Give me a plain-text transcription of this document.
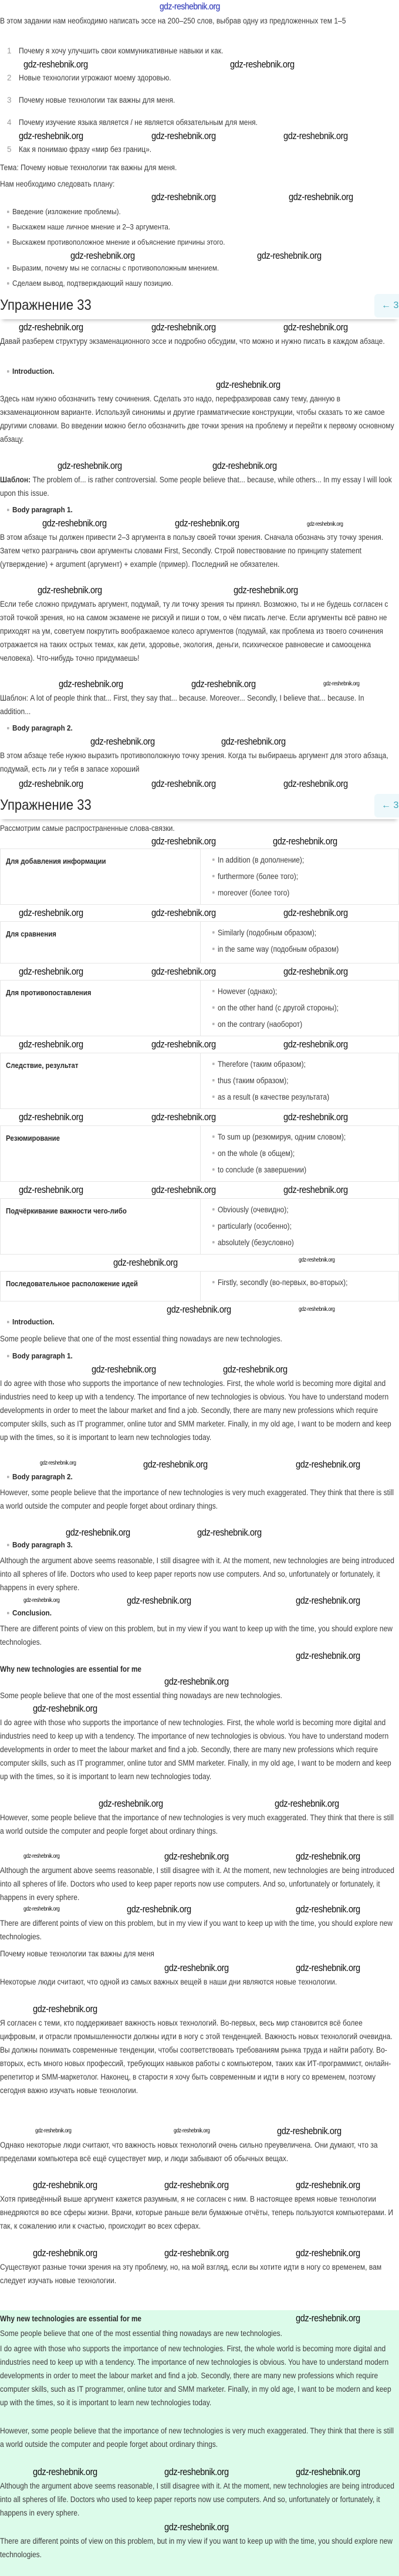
gdz-reshebnik.org
В этом задании нам необходимо написать эссе на 200–250 слов, выбрав одну из предложенных тем 1–5
1 Почему я хочу улучшить свои коммуникативные навыки и как.
gdz-reshebnik.org	gdz-reshebnik.org
2 Новые технологии угрожают моему здоровью.
3 Почему новые технологии так важны для меня.
4 Почему изучение языка является / не является обязательным для меня.
gdz-reshebnik.org	gdz-reshebnik.org	gdz-reshebnik.org
5 Как я понимаю фразу «мир без границ».
Тема: Почему новые технологии так важны для меня.
Нам необходимо следовать плану:
gdz-reshebnik.org	gdz-reshebnik.org
Введение (изложение проблемы).
Выскажем наше личное мнение и 2–3 аргумента.
Выскажем противоположное мнение и объяснение причины этого.
gdz-reshebnik.org	gdz-reshebnik.org
Выразим, почему мы не согласны с противоположным мнением.
Сделаем вывод, подтверждающий нашу позицию.
Упражнение 33	← 3
gdz-reshebnik.org	gdz-reshebnik.org	gdz-reshebnik.org
Давай разберем структуру экзаменационного эссе и подробно обсудим, что можно и нужно писать в каждом абзаце.
Introduction.
gdz-reshebnik.org
Здесь нам нужно обозначить тему сочинения. Сделать это надо, перефразировав саму тему, данную в экзаменационном варианте. Используй синонимы и другие грамматические конструкции, чтобы сказать то же самое другими словами. Во введении можно бегло обозначить две точки зрения на проблему и перейти к первому основному абзацу.
gdz-reshebnik.org	gdz-reshebnik.org
Шаблон: The problem of... is rather controversial. Some people believe that... because, while others... In my essay I will look upon this issue.
Body paragraph 1.
gdz-reshebnik.org	gdz-reshebnik.org	gdz-reshebnik.org
В этом абзаце ты должен привести 2–3 аргумента в пользу своей точки зрения. Сначала обозначь эту точку зрения. Затем четко разграничь свои аргументы словами First, Secondly. Строй повествование по принципу statement (утверждение) + argument (аргумент) + example (пример). Последний не обязателен.
gdz-reshebnik.org	gdz-reshebnik.org
Если тебе сложно придумать аргумент, подумай, ту ли точку зрения ты принял. Возможно, ты и не будешь согласен с этой точкой зрения, но на самом экзамене не рискуй и пиши о том, о чём писать легче. Если аргументы всё равно не приходят на ум, советуем покрутить воображаемое колесо аргументов (подумай, как проблема из твоего сочинения отражается на таких острых темах, как дети, здоровье, экология, деньги, психическое равновесие и самооценка человека). Что-нибудь точно придумаешь!
gdz-reshebnik.org	gdz-reshebnik.org	gdz-reshebnik.org
Шаблон: A lot of people think that... First, they say that... because. Moreover... Secondly, I believe that... because. In addition...
Body paragraph 2.
gdz-reshebnik.org	gdz-reshebnik.org
В этом абзаце тебе нужно выразить противоположную точку зрения. Когда ты выбираешь аргумент для этого абзаца, подумай, есть ли у тебя в запасе хороший
gdz-reshebnik.org	gdz-reshebnik.org	gdz-reshebnik.org
Упражнение 33	← 3
Рассмотрим самые распространенные слова-связки.
gdz-reshebnik.org	gdz-reshebnik.org
Для добавления информации	In addition (в дополнение);
furthermore (более того);
moreover (более того)
gdz-reshebnik.org	gdz-reshebnik.org	gdz-reshebnik.org
Для сравнения	Similarly (подобным образом);
in the same way (подобным образом)
gdz-reshebnik.org	gdz-reshebnik.org	gdz-reshebnik.org
Для противопоставления	However (однако);
on the other hand (с другой стороны);
on the contrary (наоборот)
gdz-reshebnik.org	gdz-reshebnik.org	gdz-reshebnik.org
Следствие, результат	Therefore (таким образом);
thus (таким образом);
as a result (в качестве результата)
gdz-reshebnik.org	gdz-reshebnik.org	gdz-reshebnik.org
Резюмирование	To sum up (резюмируя, одним словом);
on the whole (в общем);
to conclude (в завершении)
gdz-reshebnik.org	gdz-reshebnik.org	gdz-reshebnik.org
Подчёркивание важности чего-либо	Obviously (очевидно);
particularly (особенно);
absolutely (безусловно)
gdz-reshebnik.org
gdz-reshebnik.org
Последовательное расположение идей	Firstly, secondly (во-первых, во-вторых);
gdz-reshebnik.org	gdz-reshebnik.org
Introduction.
Some people believe that one of the most essential thing nowadays are new technologies.
Body paragraph 1.
gdz-reshebnik.org	gdz-reshebnik.org
I do agree with those who supports the importance of new technologies. First, the whole world is becoming more digital and industries need to keep up with a tendency. The importance of new technologies is obvious. You have to understand modern developments in order to meet the labour market and find a job. Secondly, there are many new professions which require computer skills, such as IT programmer, online tutor and SMM marketer. Finally, in my old age, I want to be modern and keep up with the times, so it is important to learn new technologies today.
gdz-reshebnik.org	gdz-reshebnik.org	gdz-reshebnik.org
Body paragraph 2.
However, some people believe that the importance of new technologies is very much exaggerated. They think that there is still a world outside the computer and people forget about ordinary things.
gdz-reshebnik.org	gdz-reshebnik.org
Body paragraph 3.
Although the argument above seems reasonable, I still disagree with it. At the moment, new technologies are being introduced into all spheres of life. Doctors who used to keep paper reports now use computers. And so, unfortunately or fortunately, it happens in every sphere.
gdz-reshebnik.org	gdz-reshebnik.org	gdz-reshebnik.org
Conclusion.
There are different points of view on this problem, but in my view if you want to keep up with the time, you should explore new technologies.
gdz-reshebnik.org
Why new technologies are essential for me
gdz-reshebnik.org
Some people believe that one of the most essential thing nowadays are new technologies.
gdz-reshebnik.org
I do agree with those who supports the importance of new technologies. First, the whole world is becoming more digital and industries need to keep up with a tendency. The importance of new technologies is obvious. You have to understand modern developments in order to meet the labour market and find a job. Secondly, there are many new professions which require computer skills, such as IT programmer, online tutor and SMM marketer. Finally, in my old age, I want to be modern and keep up with the times, so it is important to learn new technologies today.
gdz-reshebnik.org	gdz-reshebnik.org
However, some people believe that the importance of new technologies is very much exaggerated. They think that there is still a world outside the computer and people forget about ordinary things.
gdz-reshebnik.org	gdz-reshebnik.org	gdz-reshebnik.org
Although the argument above seems reasonable, I still disagree with it. At the moment, new technologies are being introduced into all spheres of life. Doctors who used to keep paper reports now use computers. And so, unfortunately or fortunately, it happens in every sphere.
gdz-reshebnik.org	gdz-reshebnik.org	gdz-reshebnik.org
There are different points of view on this problem, but in my view if you want to keep up with the time, you should explore new technologies.
Почему новые технологии так важны для меня
gdz-reshebnik.org	gdz-reshebnik.org
Некоторые люди считают, что одной из самых важных вещей в наши дни являются новые технологии.
gdz-reshebnik.org
Я согласен с теми, кто поддерживает важность новых технологий. Во-первых, весь мир становится всё более цифровым, и отрасли промышленности должны идти в ногу с этой тенденцией. Важность новых технологий очевидна. Вы должны понимать современные тенденции, чтобы соответствовать требованиям рынка труда и найти работу. Во-вторых, есть много новых профессий, требующих навыков работы с компьютером, таких как ИТ-программист, онлайн-репетитор и SMM-маркетолог. Наконец, в старости я хочу быть современным и идти в ногу со временем, поэтому сегодня важно изучать новые технологии.
gdz-reshebnik.org	gdz-reshebnik.org	gdz-reshebnik.org
Однако некоторые люди считают, что важность новых технологий очень сильно преувеличена. Они думают, что за пределами компьютера всё ещё существует мир, и люди забывают об обычных вещах.
gdz-reshebnik.org	gdz-reshebnik.org	gdz-reshebnik.org
Хотя приведённый выше аргумент кажется разумным, я не согласен с ним. В настоящее время новые технологии внедряются во все сферы жизни. Врачи, которые раньше вели бумажные отчёты, теперь пользуются компьютерами. И так, к сожалению или к счастью, происходит во всех сферах.
gdz-reshebnik.org	gdz-reshebnik.org	gdz-reshebnik.org
Существуют разные точки зрения на эту проблему, но, на мой взгляд, если вы хотите идти в ногу со временем, вам следует изучать новые технологии.
Why new technologies are essential for me	gdz-reshebnik.org
Some people believe that one of the most essential thing nowadays are new technologies.
I do agree with those who supports the importance of new technologies. First, the whole world is becoming more digital and industries need to keep up with a tendency. The importance of new technologies is obvious. You have to understand modern developments in order to meet the labour market and find a job. Secondly, there are many new professions which require computer skills, such as IT programmer, online tutor and SMM marketer. Finally, in my old age, I want to be modern and keep up with the times, so it is important to learn new technologies today.
However, some people believe that the importance of new technologies is very much exaggerated. They think that there is still a world outside the computer and people forget about ordinary things.
gdz-reshebnik.org	gdz-reshebnik.org	gdz-reshebnik.org
Although the argument above seems reasonable, I still disagree with it. At the moment, new technologies are being introduced into all spheres of life. Doctors who used to keep paper reports now use computers. And so, unfortunately or fortunately, it happens in every sphere.
gdz-reshebnik.org
There are different points of view on this problem, but in my view if you want to keep up with the time, you should explore new technologies.
